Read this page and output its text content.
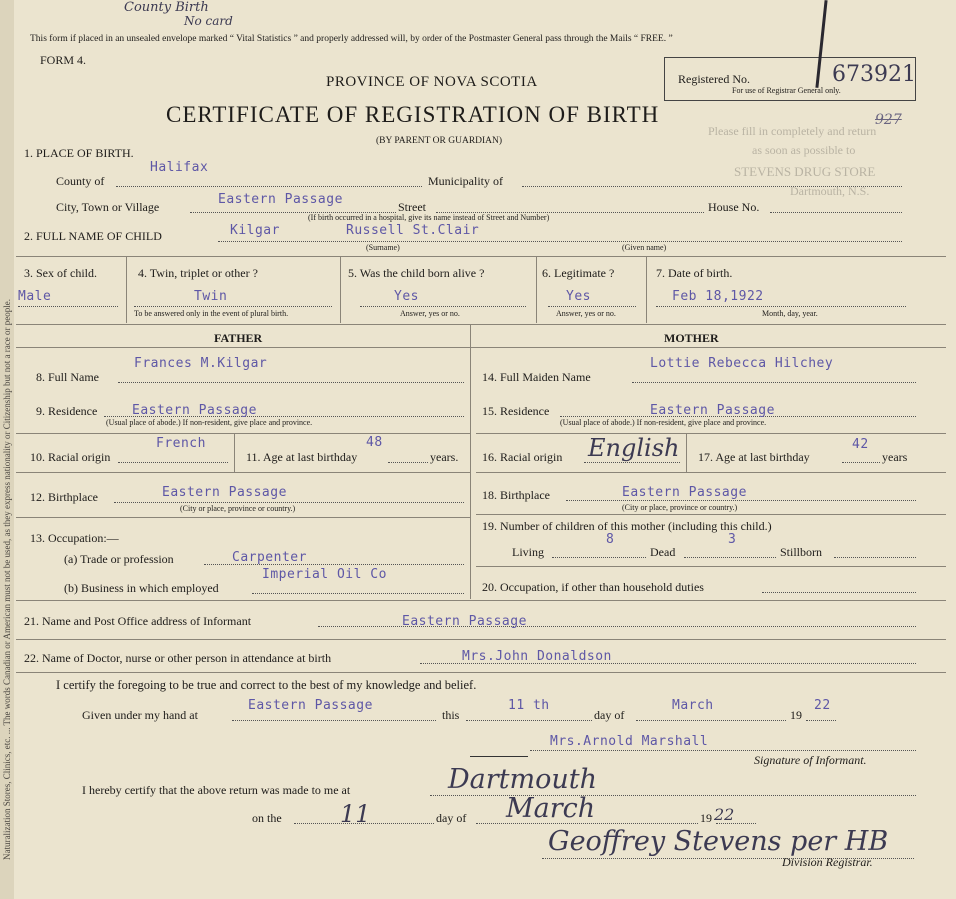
Naturalization Stores, Clinics, etc. ... The words Canadian or American must not be used, as they express nationality or Citizenship but not a race or people.
County Birth
No card
This form if placed in an unsealed envelope marked “ Vital Statistics ” and properly addressed will, by order of the Postmaster General pass through the Mails “ FREE. ”
FORM 4.
Registered No.
For use of Registrar General only.
673921
927
PROVINCE OF NOVA SCOTIA
CERTIFICATE OF REGISTRATION OF BIRTH
(BY PARENT OR GUARDIAN)
Please fill in completely and return
as soon as possible to
STEVENS DRUG STORE
Dartmouth, N.S.
1. PLACE OF BIRTH.
County of
Halifax
Municipality of
City, Town or Village	Eastern Passage	Street	House No.
(If birth occurred in a hospital, give its name instead of Street and Number)
2. FULL NAME OF CHILD	Kilgar	Russell St.Clair
(Surname)	(Given name)
3. Sex of child.
Male
4. Twin, triplet or other ?
Twin
To be answered only in the event of plural birth.
5. Was the child born alive ?
Yes
Answer, yes or no.
6. Legitimate ?
Yes
Answer, yes or no.
7. Date of birth.
Feb 18,1922
Month, day, year.
FATHER	MOTHER
8. Full Name
Frances M.Kilgar
9. Residence	Eastern Passage
(Usual place of abode.) If non-resident, give place and province.
10. Racial origin
French
11. Age at last birthday
48
years.
12. Birthplace	Eastern Passage
(City or place, province or country.)
13. Occupation:—
(a) Trade or profession	Carpenter
(b) Business in which employed
Imperial Oil Co
14. Full Maiden Name
Lottie Rebecca Hilchey
15. Residence	Eastern Passage
(Usual place of abode.) If non-resident, give place and province.
16. Racial origin English 17. Age at last birthday
42
years
18. Birthplace	Eastern Passage
(City or place, province or country.)
19. Number of children of this mother (including this child.)
Living
8
Dead
3
Stillborn
20. Occupation, if other than household duties
21. Name and Post Office address of Informant	Eastern Passage
22. Name of Doctor, nurse or other person in attendance at birth	Mrs.John Donaldson
I certify the foregoing to be true and correct to the best of my knowledge and belief.
Given under my hand at
Eastern Passage
this
11 th
day of
March
19
22
Mrs.Arnold Marshall
Signature of Informant.
I hereby certify that the above return was made to me at	Dartmouth
on the 11	day of March	19 22
Geoffrey Stevens per HB
Division Registrar.
